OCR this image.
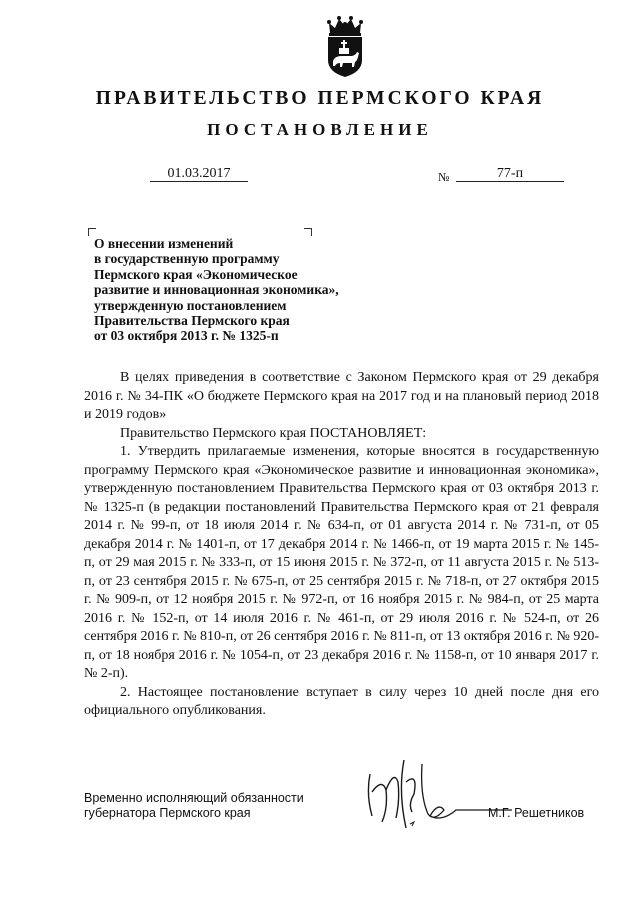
ПРАВИТЕЛЬСТВО ПЕРМСКОГО КРАЯ
ПОСТАНОВЛЕНИЕ
01.03.2017	№	77-п
О внесении изменений
в государственную программу
Пермского края «Экономическое
развитие и инновационная экономика»,
утвержденную постановлением
Правительства Пермского края
от 03 октября 2013 г. № 1325-п

В целях приведения в соответствие с Законом Пермского края от 29 декабря 2016 г. № 34-ПК «О бюджете Пермского края на 2017 год и на плановый период 2018 и 2019 годов»

Правительство Пермского края ПОСТАНОВЛЯЕТ:

1. Утвердить прилагаемые изменения, которые вносятся в государственную программу Пермского края «Экономическое развитие и инновационная экономика», утвержденную постановлением Правительства Пермского края от 03 октября 2013 г. № 1325-п (в редакции постановлений Правительства Пермского края от 21 февраля 2014 г. № 99-п, от 18 июля 2014 г. № 634-п, от 01 августа 2014 г. № 731-п, от 05 декабря 2014 г. № 1401-п, от 17 декабря 2014 г. № 1466-п, от 19 марта 2015 г. № 145-п, от 29 мая 2015 г. № 333-п, от 15 июня 2015 г. № 372-п, от 11 августа 2015 г. № 513-п, от 23 сентября 2015 г. № 675-п, от 25 сентября 2015 г. № 718-п, от 27 октября 2015 г. № 909-п, от 12 ноября 2015 г. № 972-п, от 16 ноября 2015 г. № 984-п, от 25 марта 2016 г. № 152-п, от 14 июля 2016 г. № 461-п, от 29 июля 2016 г. № 524-п, от 26 сентября 2016 г. № 810-п, от 26 сентября 2016 г. № 811-п, от 13 октября 2016 г. № 920-п, от 18 ноября 2016 г. № 1054-п, от 23 декабря 2016 г. № 1158-п, от 10 января 2017 г. № 2-п).

2. Настоящее постановление вступает в силу через 10 дней после дня его официального опубликования.

Временно исполняющий обязанности
губернатора Пермского края	М.Г. Решетников
